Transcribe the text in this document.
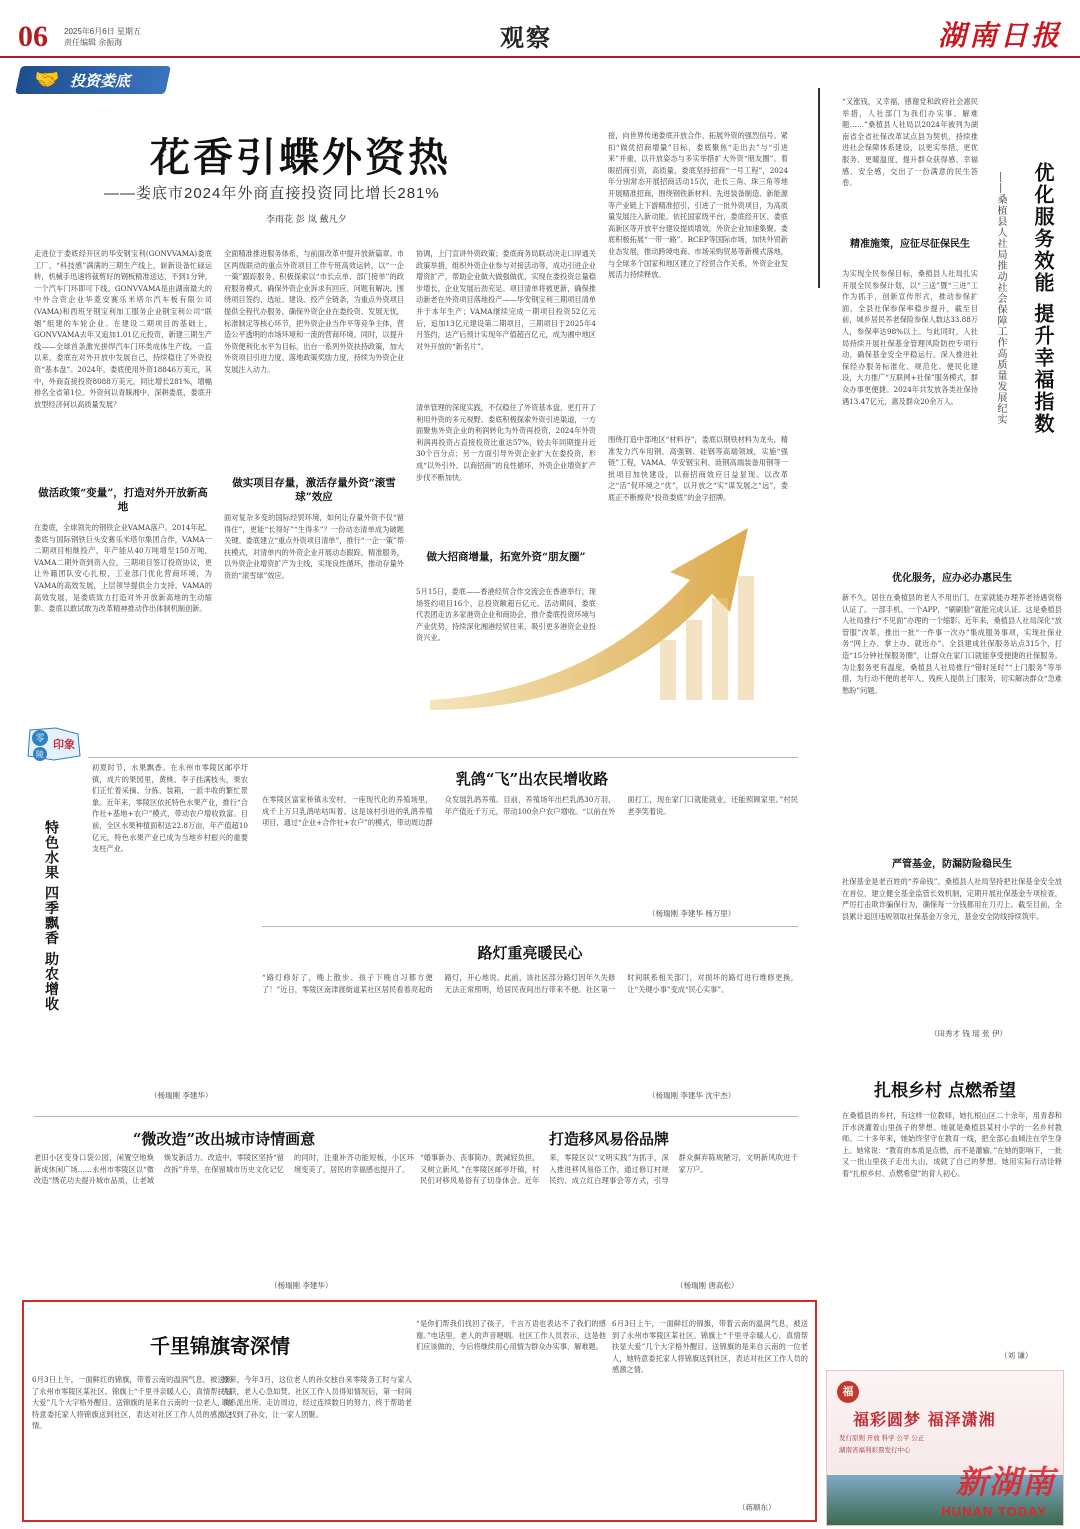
06 2025年6月6日 星期五
责任编辑 余振海	观察	湖南日报
🤝 投资娄底
花香引蝶外资热
——娄底市2024年外商直接投资同比增长281%
李雨花 彭 岚 戴凡夕
走进位于娄底经开区的华安钢宝利(GONVVAMA)娄底工厂，“科技感”满满的三期生产线上，崭新设备忙碌运转，机械手迅速将裁剪好的钢板精准送达，不到1分钟，一个汽车门环即可下线。GONVVAMA是由湖南最大的中外合资企业华菱安赛乐米塔尔汽车板有限公司(VAMA)和西班牙钢宝利加工服务企业钢宝利公司“联姻”组建的车轮企业。在建设二期项目的基础上，GONVVAMA去年又追加1.01亿元投资，新建三期生产线——全球首条激光拼焊汽车门环类成体生产线。一直以来，娄底在对外开放中发展自己，持续稳住了外资投资“基本盘”。2024年，娄底使用外资18846万美元，其中，外商直接投资8088万美元，同比增长281%，增幅排名全省第1位。外资何以青睐湘中、深耕娄底，娄底开放型经济何以高质量发展？
做活政策“变量”，打造对外开放新高地
在娄底，全球领先的钢铁企业VAMA落户。2014年起，娄底与国际钢铁巨头安赛乐米塔尔集团合作，VAMA一二期项目相继投产，年产能从40万吨增至150万吨，VAMA二期外资到资入位，三期项目签订投资协议，更让外籍团队安心扎根，工业部门优化营商环境，为VAMA的高效发展，上层领导提供全力支持。VAMA的高效发展，是娄底致力打造对外开放新高地的生动缩影。娄底以敢试敢为改革精神推动作出体制机制创新。
全面精准推进服务体系，与前面改革中提开放新篇章。市区两级联动的重点外资项目工作专班高效运转，以“一企一策”跟踪服务、积极探索以“市长点单、部门接单”的政府服务模式，确保外资企业诉求有回应、问题有解决。围绕项目签约、选址、建设、投产全链条，为重点外资项目提供全程代办服务，确保外资企业在娄投资、发展无忧，标准制定等核心环节，把外资企业当作平等竞争主体，营造公平透明的市场环境和一流的营商环境。同时，以提升外资便利化水平为目标，出台一系列外资扶持政策，加大外资项目引进力度、落地政策奖励力度，持续为外资企业发展注入动力。
做实项目存量，激活存量外资“滚雪球”效应
面对复杂多变的国际经贸环境，如何让存量外资不仅“留得住”，更能“长得好”“生得多”？一份动态清单成为破题关键。娄底建立“重点外资项目清单”，推行“一企一策”帮扶模式，对清单内的外资企业开展动态跟踪、精准服务，以外资企业增资扩产为主线，实现良性循环，推动存量外资的“滚雪球”效应。
协调，上门宣讲外资政策；娄底商务局联动决走口岸通关政策举措，组织外资企业参与对接活动等，成功引进企业增资扩产，帮助企业做大做强做优，实现在娄投资总量稳步增长，企业发展后劲充足。项目清单将被更新，确保推动新老在外资项目落地投产——华安钢宝利三期项目清单并于本年生产；VAMA继续完成一期项目投资52亿元后，追加13亿元建设第二期项目，三期项目于2025年4月签约，达产后预计实现年产值超百亿元，成为湘中地区对外开放的“新名片”。
清单管理的深度实践，不仅稳住了外资基本盘，更打开了利用外资的多元视野。娄底积极探索外资引进渠道，一方面聚焦外资企业的利润转化为外资再投资，2024年外资利润再投资占直接投资比重达57%，较去年同期提升近30个百分点；另一方面引导外资企业扩大在娄投资，形成“以外引外、以商招商”的良性循环，外资企业增资扩产步伐不断加快。
做大招商增量，拓宽外资“朋友圈”
5月15日，娄底——香港经贸合作交流会在香港举行，现场签约项目16个，总投资额超百亿元。活动期间，娄底代表团走访多家港资企业和商协会，推介娄底投资环境与产业优势，持续深化湘港经贸往来，吸引更多港资企业投资兴业。
接，向世界传递娄底开放合作、拓展外资的强烈信号。紧扣“做优招商增量”目标，娄底聚焦“走出去”与“引进来”并重，以开放姿态与多实举措扩大外资“朋友圈”。着眼招商引资，高质量，娄底坚持招商“一号工程”，2024年分别常态开展招商活动15次，赴长三角、珠三角等地开展精准招商，围绕钢铁新材料、先进装备制造、新能源等产业链上下游精准招引，引进了一批外资项目，为高质量发展注入新动能。依托国家级平台，娄底经开区、娄底高新区等开放平台建设提质增效，外资企业加速集聚。娄底积极拓展“一带一路”、RCEP等国际市场，加快外贸新业态发展，推动跨境电商、市场采购贸易等新模式落地，与全球多个国家和地区建立了经贸合作关系，外资企业发展活力持续释放。
围绕打造中部地区“材料谷”，娄底以钢铁材料为龙头，精准发力汽车用钢、高强钢、硅钢等高端领域，实施“强链”工程，VAMA、华安钢宝利、涟钢高端装备用钢等一批项目加快建设，以商招商效应日益显现。以改革之“活”促环境之“优”，以开放之“实”谋发展之“远”，娄底正不断擦亮“投资娄底”的金字招牌。
零
陵
印象
特色水果 四季飘香 助农增收
初夏时节，水果飘香。在永州市零陵区邮亭圩镇，成片的果园里，黄桃、李子挂满枝头，果农们正忙着采摘、分拣、装箱，一派丰收的繁忙景象。近年来，零陵区依托特色水果产业，推行“合作社+基地+农户”模式，带动农户增收致富。目前，全区水果种植面积达22.8万亩，年产值超10亿元，特色水果产业已成为当地乡村振兴的重要支柱产业。
（杨瑞刚 李建华）
乳鸽“飞”出农民增收路
在零陵区富家桥镇永安村，一座现代化的养殖场里，成千上万只乳鸽咕咕叫着。这是该村引进的乳鸽养殖项目，通过“企业+合作社+农户”的模式，带动周边群众发展乳鸽养殖。目前，养殖场年出栏乳鸽30万羽，年产值近千万元，带动100余户农户增收。“以前在外面打工，现在家门口就能就业，还能照顾家里。”村民老李笑着说。
（杨瑞刚 李建华 杨万里）
路灯重亮暖民心
“路灯修好了，晚上散步、孩子下晚自习都方便了！”近日，零陵区南津渡街道某社区居民看着亮起的路灯，开心地说。此前，该社区部分路灯因年久失修无法正常照明，给居民夜间出行带来不便。社区第一时间联系相关部门，对损坏的路灯进行维修更换，让“关键小事”变成“民心实事”。
（杨瑞刚 李建华 沈宇杰）
“微改造”改出城市诗情画意
老旧小区变身口袋公园，闲置空地焕新成休闲广场……永州市零陵区以“微改造”绣花功夫提升城市品质，让老城焕发新活力。改造中，零陵区坚持“留改拆”并举，在保留城市历史文化记忆的同时，注重补齐功能短板，小区环境变美了，居民的幸福感也提升了。
（杨瑞刚 李建华）
打造移风易俗品牌
“婚事新办、丧事简办，既减轻负担，又树立新风。”在零陵区邮亭圩镇，村民们对移风易俗有了切身体会。近年来，零陵区以“文明实践”为抓手，深入推进移风易俗工作，通过修订村规民约、成立红白理事会等方式，引导群众摒弃陈规陋习，文明新风吹进千家万户。
（杨瑞刚 唐高松）
千里锦旗寄深情
6月3日上午，一面鲜红的锦旗，带着云南的温润气息，被送到了永州市零陵区某社区。锦旗上“千里寻亲暖人心，真情帮扶显大爱”几个大字格外醒目。送锦旗的是来自云南的一位老人，她特意委托家人将锦旗送到社区，表达对社区工作人员的感激之情。
原来，今年3月，这位老人的孙女独自来零陵务工时与家人失联，老人心急如焚。社区工作人员得知情况后，第一时间联系派出所、走访周边，经过连续数日的努力，终于帮助老人找到了孙女，让一家人团聚。
“是你们帮我们找回了孩子，千言万语也表达不了我们的感谢。”电话里，老人的声音哽咽。社区工作人员表示，这是他们应该做的，今后将继续用心用情为群众办实事、解难题。
6月3日上午，一面鲜红的锦旗，带着云南的温润气息，被送到了永州市零陵区某社区。锦旗上“千里寻亲暖人心，真情帮扶显大爱”几个大字格外醒目。送锦旗的是来自云南的一位老人，她特意委托家人将锦旗送到社区，表达对社区工作人员的感激之情。
（蒋顺东）
优化服务效能 提升幸福指数
——桑植县人社局推动社会保障工作高质量发展纪实
“又涨钱，又幸福，感谢党和政府社会惠民举措，人社部门为我们办实事、解难题……”桑植县人社局以2024年被列为湖南省全省社保改革试点县为契机，持续推进社会保障体系建设，以更实举措、更优服务、更暖温度，提升群众获得感、幸福感、安全感，交出了一份满意的民生答卷。
精准施策，应征尽征保民生
为实现全民参保目标，桑植县人社局扎实开展全民参保计划，以“三送”暨“三进”工作为抓手，创新宣传形式，推动参保扩面，全县社保参保率稳步提升，截至目前，城乡居民养老保险参保人数达33.88万人，参保率达98%以上。与此同时，人社局持续开展社保基金管理风险防控专项行动，确保基金安全平稳运行。深入推进社保经办服务标准化、规范化、便民化建设，大力推广“互联网+社保”服务模式，群众办事更便捷。2024年共发放各类社保待遇13.47亿元，惠及群众20余万人。
优化服务，应办必办惠民生
新不久，居住在桑植县的老人不用出门，在家就能办理养老待遇资格认证了。一部手机、一个APP，“刷刷脸”就能完成认证。这是桑植县人社局推行“不见面”办理的一个缩影。近年来，桑植县人社局深化“放管服”改革，推出一批“一件事一次办”集成服务事项，实现社保业务“网上办、掌上办、就近办”。全县建成社保服务站点315个，打造“15分钟社保服务圈”，让群众在家门口就能享受便捷的社保服务。为让服务更有温度，桑植县人社局推行“错时延时”“上门服务”等举措，为行动不便的老年人、残疾人提供上门服务，切实解决群众“急难愁盼”问题。
严管基金，防漏防险稳民生
社保基金是老百姓的“养命钱”。桑植县人社局坚持把社保基金安全放在首位，建立健全基金监管长效机制，定期开展社保基金专项检查，严厉打击欺诈骗保行为，确保每一分钱都用在刀刃上。截至目前，全县累计追回违规领取社保基金万余元，基金安全防线持续筑牢。
（田秀才 钱 瑶 张 伊）
扎根乡村 点燃希望
在桑植县的乡村，有这样一位教师，她扎根山区二十余年，用青春和汗水浇灌着山里孩子的梦想。她就是桑植县某村小学的一名乡村教师。二十多年来，她始终坚守在教育一线，把全部心血倾注在学生身上。她常说：“教育的本质是点燃，而不是灌输。”在她的影响下，一批又一批山里孩子走出大山，成就了自己的梦想。她用实际行动诠释着“扎根乡村、点燃希望”的育人初心。
（刘 谦）
福
福彩圆梦 福泽潇湘
发行原则 开放 科学 公平 公正
湖南省福利彩票发行中心
新湖南
HUNAN TODAY
